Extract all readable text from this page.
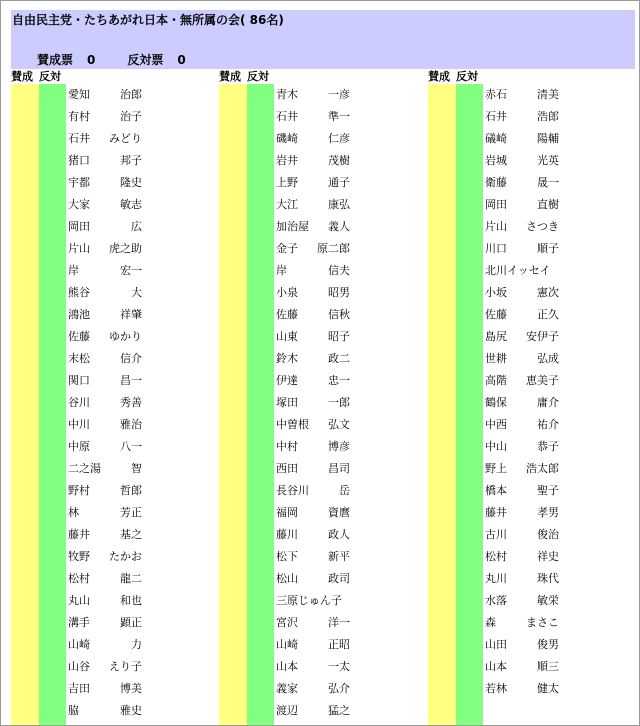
自由民主党・たちあがれ日本・無所属の会( 86名)
賛成票 0	反対票 0
賛成 反対
愛知	治郎
有村	治子
石井 みどり
猪口	邦子
宇都	隆史
大家	敏志
岡田	広
片山 虎之助
岸	宏一
熊谷	大
鴻池	祥肇
佐藤 ゆかり
末松	信介
関口	昌一
谷川	秀善
中川	雅治
中原	八一
二之湯	智
野村	哲郎
林	芳正
藤井	基之
牧野 たかお
松村	龍二
丸山	和也
溝手	顕正
山崎	力
山谷 えり子
吉田	博美
脇	雅史
賛成 反対
青木	一彦
石井	準一
磯崎	仁彦
岩井	茂樹
上野	通子
大江	康弘
加治屋 義人
金子 原二郎
岸	信夫
小泉	昭男
佐藤	信秋
山東	昭子
鈴木	政二
伊達	忠一
塚田	一郎
中曽根 弘文
中村	博彦
西田	昌司
長谷川	岳
福岡	資麿
藤川	政人
松下	新平
松山	政司
三原じゅん子
宮沢	洋一
山崎	正昭
山本	一太
義家	弘介
渡辺	猛之
賛成 反対
赤石	清美
石井	浩郎
礒崎	陽輔
岩城	光英
衛藤	晟一
岡田	直樹
片山 さつき
川口	順子
北川イッセイ
小坂	憲次
佐藤	正久
島尻 安伊子
世耕	弘成
高階 恵美子
鶴保	庸介
中西	祐介
中山	恭子
野上 浩太郎
橋本	聖子
藤井	孝男
古川	俊治
松村	祥史
丸川	珠代
水落	敏栄
森	まさこ
山田	俊男
山本	順三
若林	健太
